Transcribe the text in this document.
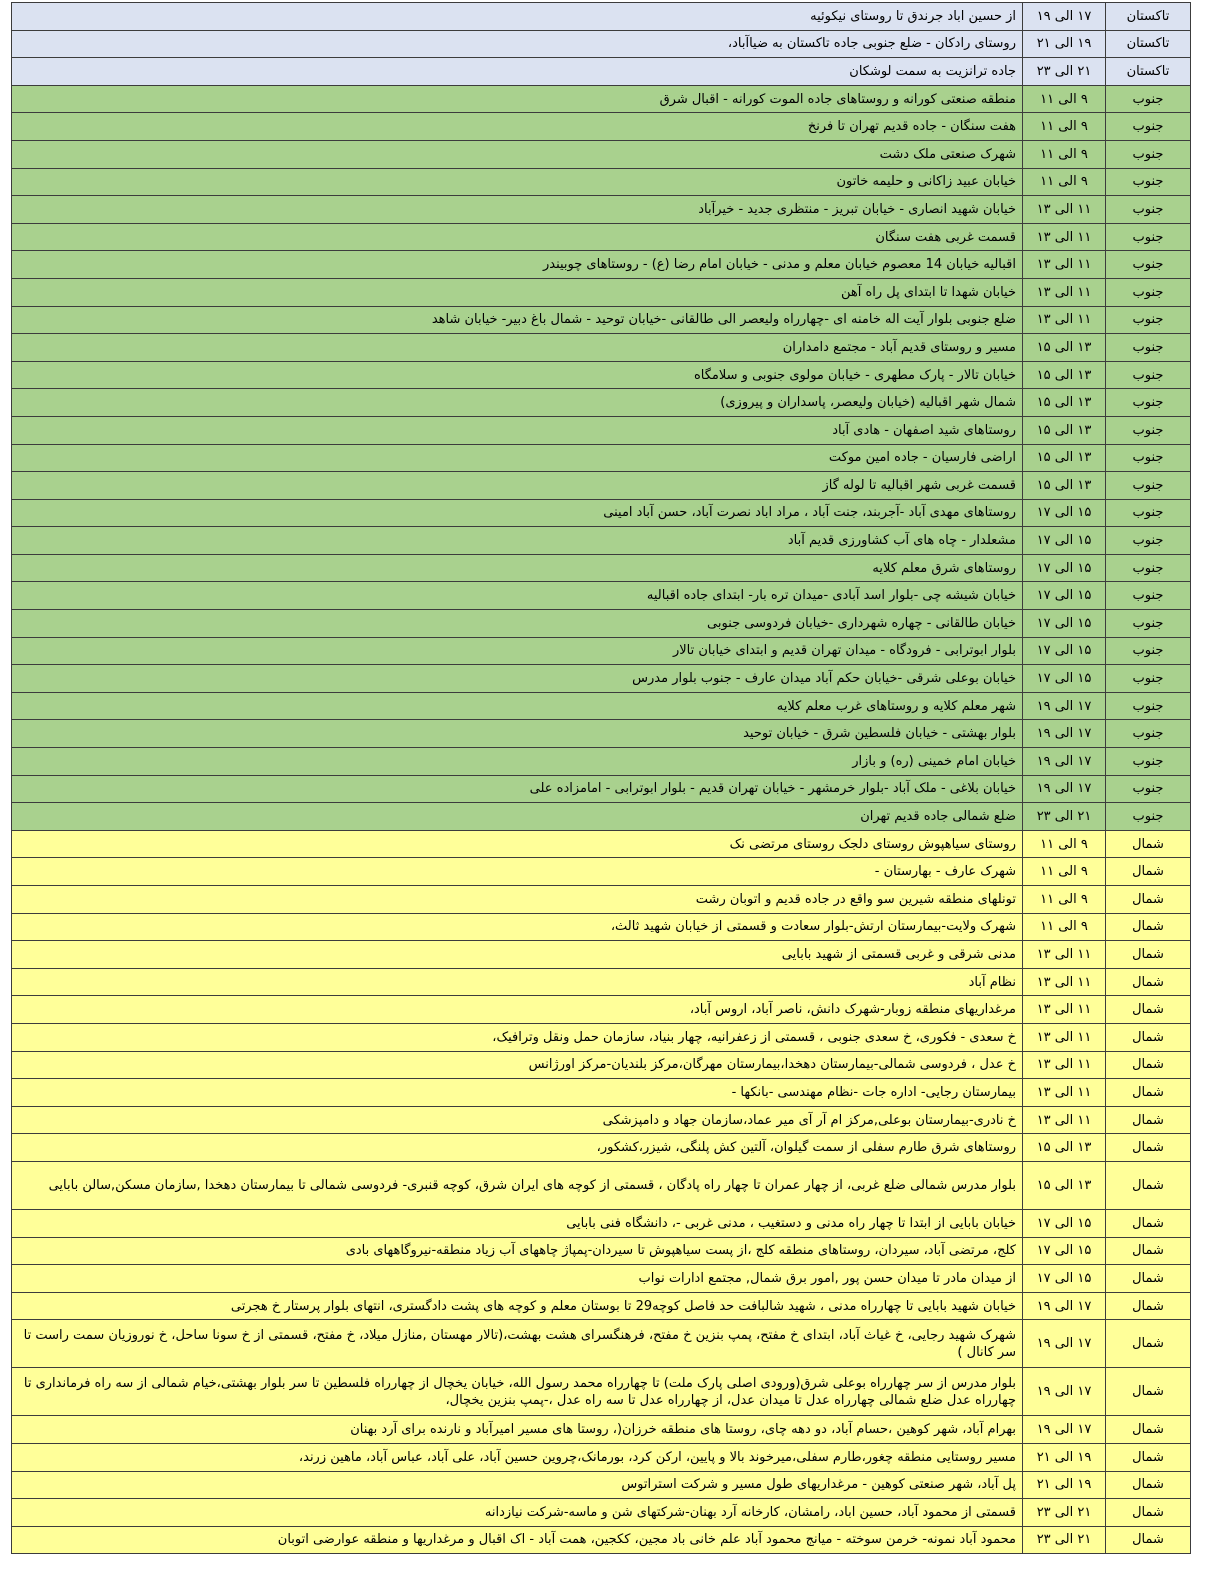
تاکستان	۱۷ الی ۱۹	از حسین اباد جرندق تا روستای نیکوئیه
تاکستان	۱۹ الی ۲۱	روستای رادکان - ضلع جنوبی جاده تاکستان به ضیاآباد،
تاکستان	۲۱ الی ۲۳	جاده ترانزیت به سمت لوشکان
جنوب	۹ الی ۱۱	منطقه صنعتی کورانه و روستاهای جاده الموت کورانه - اقبال شرق
جنوب	۹ الی ۱۱	هفت سنگان - جاده قدیم تهران تا فرنخ
جنوب	۹ الی ۱۱	شهرک صنعتی ملک دشت
جنوب	۹ الی ۱۱	خیابان عبید زاکانی و حلیمه خاتون
جنوب	۱۱ الی ۱۳	خیابان شهید انصاری - خیابان تبریز - منتظری جدید - خیرآباد
جنوب	۱۱ الی ۱۳	قسمت غربی هفت سنگان
جنوب	۱۱ الی ۱۳	اقبالیه خیابان 14 معصوم خیابان معلم و مدنی - خیابان امام رضا (ع) - روستاهای چوبیندر
جنوب	۱۱ الی ۱۳	خیابان شهدا تا ابتدای پل راه آهن
جنوب	۱۱ الی ۱۳	ضلع جنوبی بلوار آیت اله خامنه ای -چهارراه ولیعصر الی طالقانی -خیابان توحید - شمال باغ دبیر- خیابان شاهد
جنوب	۱۳ الی ۱۵	مسیر و روستای قدیم آباد - مجتمع دامداران
جنوب	۱۳ الی ۱۵	خیابان تالار - پارک مطهری - خیابان مولوی جنوبی و سلامگاه
جنوب	۱۳ الی ۱۵	شمال شهر اقبالیه (خیابان ولیعصر، پاسداران و پیروزی)
جنوب	۱۳ الی ۱۵	روستاهای شید اصفهان - هادی آباد
جنوب	۱۳ الی ۱۵	اراضی فارسیان - جاده امین موکت
جنوب	۱۳ الی ۱۵	قسمت غربی شهر اقبالیه تا لوله گاز
جنوب	۱۵ الی ۱۷	روستاهای مهدی آباد -آجربند، جنت آباد ، مراد اباد نصرت آباد، حسن آباد امینی
جنوب	۱۵ الی ۱۷	مشعلدار - چاه های آب کشاورزی قدیم آباد
جنوب	۱۵ الی ۱۷	روستاهای شرق معلم کلایه
جنوب	۱۵ الی ۱۷	خیابان شیشه چی -بلوار اسد آبادی -میدان تره بار- ابتدای جاده اقبالیه
جنوب	۱۵ الی ۱۷	خیابان طالقانی - چهاره شهرداری -خیابان فردوسی جنوبی
جنوب	۱۵ الی ۱۷	بلوار ابوترابی - فرودگاه - میدان تهران قدیم و ابتدای خیابان تالار
جنوب	۱۵ الی ۱۷	خیابان بوعلی شرقی -خیابان حکم آباد میدان عارف - جنوب بلوار مدرس
جنوب	۱۷ الی ۱۹	شهر معلم کلایه و روستاهای غرب معلم کلایه
جنوب	۱۷ الی ۱۹	بلوار بهشتی - خیابان فلسطین شرق - خیابان توحید
جنوب	۱۷ الی ۱۹	خیابان امام خمینی (ره) و بازار
جنوب	۱۷ الی ۱۹	خیابان بلاغی - ملک آباد -بلوار خرمشهر - خیابان تهران قدیم - بلوار ابوترابی - امامزاده علی
جنوب	۲۱ الی ۲۳	ضلع شمالی جاده قدیم تهران
شمال	۹ الی ۱۱	روستای سیاهپوش روستای دلجک روستای مرتضی نک
شمال	۹ الی ۱۱	شهرک عارف - بهارستان -
شمال	۹ الی ۱۱	تونلهای منطقه شیرین سو واقع در جاده قدیم و اتوبان رشت
شمال	۹ الی ۱۱	شهرک ولایت-بیمارستان ارتش-بلوار سعادت و قسمتی از خیابان شهید ثالث،
شمال	۱۱ الی ۱۳	مدنی شرقی و غربی قسمتی از شهید بابایی
شمال	۱۱ الی ۱۳	نظام آباد
شمال	۱۱ الی ۱۳	مرغداریهای منطقه زوبار-شهرک دانش، ناصر آباد، اروس آباد،
شمال	۱۱ الی ۱۳	خ سعدی - فکوری، خ سعدی جنوبی ، قسمتی از زعفرانیه، چهار بنیاد، سازمان حمل ونقل وترافیک،
شمال	۱۱ الی ۱۳	خ عدل ، فردوسی شمالی-بیمارستان دهخدا،بیمارستان مهرگان،مرکز بلندیان-مرکز اورژانس
شمال	۱۱ الی ۱۳	بیمارستان رجایی- اداره جات -نظام مهندسی -بانکها -
شمال	۱۱ الی ۱۳	خ نادری-بیمارستان بوعلی,مرکز ام آر آی میر عماد،سازمان جهاد و دامپزشکی
شمال	۱۳ الی ۱۵	روستاهای شرق طارم سفلی از سمت گیلوان، آلتین کش پلنگی، شیزر،کشکور،
شمال	۱۳ الی ۱۵	بلوار مدرس شمالی ضلع غربی، از چهار عمران تا چهار راه پادگان ، قسمتی از کوچه های ایران شرق، کوچه قنبری- فردوسی شمالی تا بیمارستان دهخدا ,سازمان مسکن,سالن بابایی
شمال	۱۵ الی ۱۷	خیابان بابایی از ابتدا تا چهار راه مدنی و دستغیب ، مدنی غربی -، دانشگاه فنی بابایی
شمال	۱۵ الی ۱۷	کلج، مرتضی آباد، سیردان، روستاهای منطقه کلج ،از پست سیاهپوش تا سیردان-پمپاژ چاههای آب زیاد منطقه-نیروگاههای بادی
شمال	۱۵ الی ۱۷	از میدان مادر تا میدان حسن پور ,امور برق شمال, مجتمع ادارات نواب
شمال	۱۷ الی ۱۹	خیابان شهید بابایی تا چهارراه مدنی ، شهید شالبافت حد فاصل کوچه29 تا بوستان معلم و کوچه های پشت دادگستری، انتهای بلوار پرستار خ هجرتی
شمال	۱۷ الی ۱۹	شهرک شهید رجایی، خ غیاث آباد، ابتدای خ مفتح، پمپ بنزین خ مفتح، فرهنگسرای هشت بهشت،(تالار مهستان ,منازل میلاد، خ مفتح، قسمتی از خ سونا ساحل، خ نوروزیان سمت راست تا سر کانال )
شمال	۱۷ الی ۱۹	بلوار مدرس از سر چهارراه بوعلی شرق(ورودی اصلی پارک ملت) تا چهارراه محمد رسول الله، خیابان یخچال از چهارراه فلسطین تا سر بلوار بهشتی،خیام شمالی از سه راه فرمانداری تا چهارراه عدل ضلع شمالی چهارراه عدل تا میدان عدل، از چهارراه عدل تا سه راه عدل ،-پمپ بنزین یخچال،
شمال	۱۷ الی ۱۹	بهرام آباد، شهر کوهین ،حسام آباد، دو دهه چای، روستا های منطقه خرزان(، روستا های مسیر امیرآباد و نارنده برای آرد بهنان
شمال	۱۹ الی ۲۱	مسیر روستایی منطقه چغور،طارم سفلی،میرخوند بالا و پایین، ارکن کرد، بورمانک،چروین حسین آباد، علی آباد، عباس آباد، ماهین زرند،
شمال	۱۹ الی ۲۱	پل آباد، شهر صنعتی کوهین - مرغداریهای طول مسیر و شرکت استراتوس
شمال	۲۱ الی ۲۳	قسمتی از محمود آباد، حسین اباد، رامشان، کارخانه آرد بهنان-شرکتهای شن و ماسه-شرکت نیازدانه
شمال	۲۱ الی ۲۳	محمود آباد نمونه- خرمن سوخته - میانج محمود آباد علم خانی باد مجین، ککجین، همت آباد - اک اقبال و مرغداریها و منطقه عوارضی اتوبان
